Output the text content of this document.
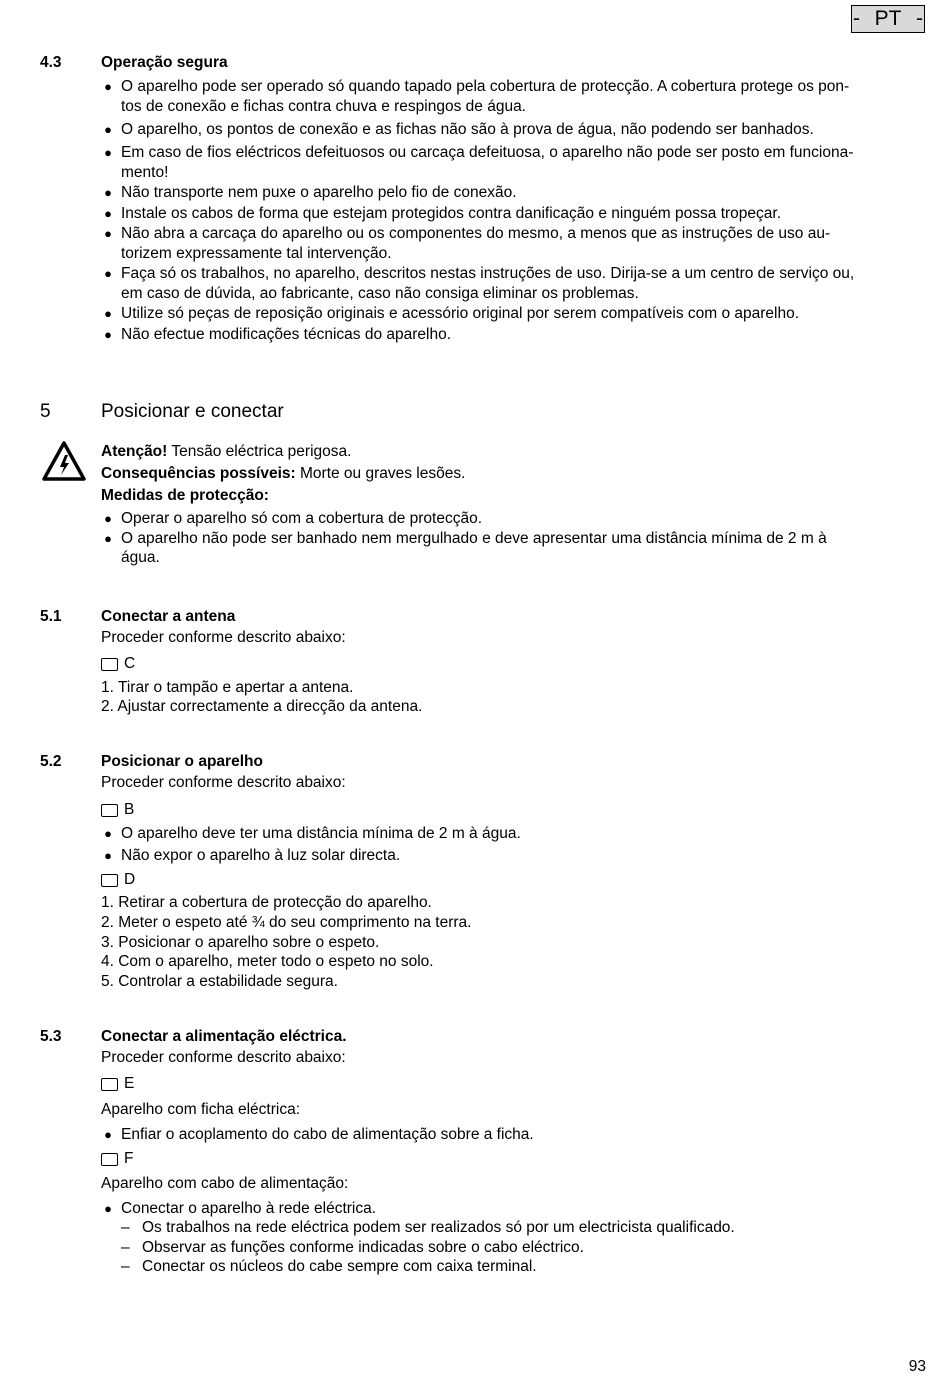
- PT -
4.3	Operação segura
● O aparelho pode ser operado só quando tapado pela cobertura de protecção. A cobertura protege os pon-
tos de conexão e fichas contra chuva e respingos de água.
● O aparelho, os pontos de conexão e as fichas não são à prova de água, não podendo ser banhados.
● Em caso de fios eléctricos defeituosos ou carcaça defeituosa, o aparelho não pode ser posto em funciona-
mento!
● Não transporte nem puxe o aparelho pelo fio de conexão.
● Instale os cabos de forma que estejam protegidos contra danificação e ninguém possa tropeçar.
● Não abra a carcaça do aparelho ou os componentes do mesmo, a menos que as instruções de uso au-
torizem expressamente tal intervenção.
● Faça só os trabalhos, no aparelho, descritos nestas instruções de uso. Dirija-se a um centro de serviço ou,
em caso de dúvida, ao fabricante, caso não consiga eliminar os problemas.
● Utilize só peças de reposição originais e acessório original por serem compatíveis com o aparelho.
● Não efectue modificações técnicas do aparelho.
5	Posicionar e conectar
Atenção! Tensão eléctrica perigosa.
Consequências possíveis: Morte ou graves lesões.
Medidas de protecção:
● Operar o aparelho só com a cobertura de protecção.
● O aparelho não pode ser banhado nem mergulhado e deve apresentar uma distância mínima de 2 m à
água.
5.1	Conectar a antena
Proceder conforme descrito abaixo:
C
1. Tirar o tampão e apertar a antena.
2. Ajustar correctamente a direcção da antena.
5.2	Posicionar o aparelho
Proceder conforme descrito abaixo:
B
● O aparelho deve ter uma distância mínima de 2 m à água.
● Não expor o aparelho à luz solar directa.
D
1. Retirar a cobertura de protecção do aparelho.
2. Meter o espeto até ¾ do seu comprimento na terra.
3. Posicionar o aparelho sobre o espeto.
4. Com o aparelho, meter todo o espeto no solo.
5. Controlar a estabilidade segura.
5.3	Conectar a alimentação eléctrica.
Proceder conforme descrito abaixo:
E
Aparelho com ficha eléctrica:
● Enfiar o acoplamento do cabo de alimentação sobre a ficha.
F
Aparelho com cabo de alimentação:
● Conectar o aparelho à rede eléctrica.
– Os trabalhos na rede eléctrica podem ser realizados só por um electricista qualificado.
– Observar as funções conforme indicadas sobre o cabo eléctrico.
– Conectar os núcleos do cabe sempre com caixa terminal.
93
